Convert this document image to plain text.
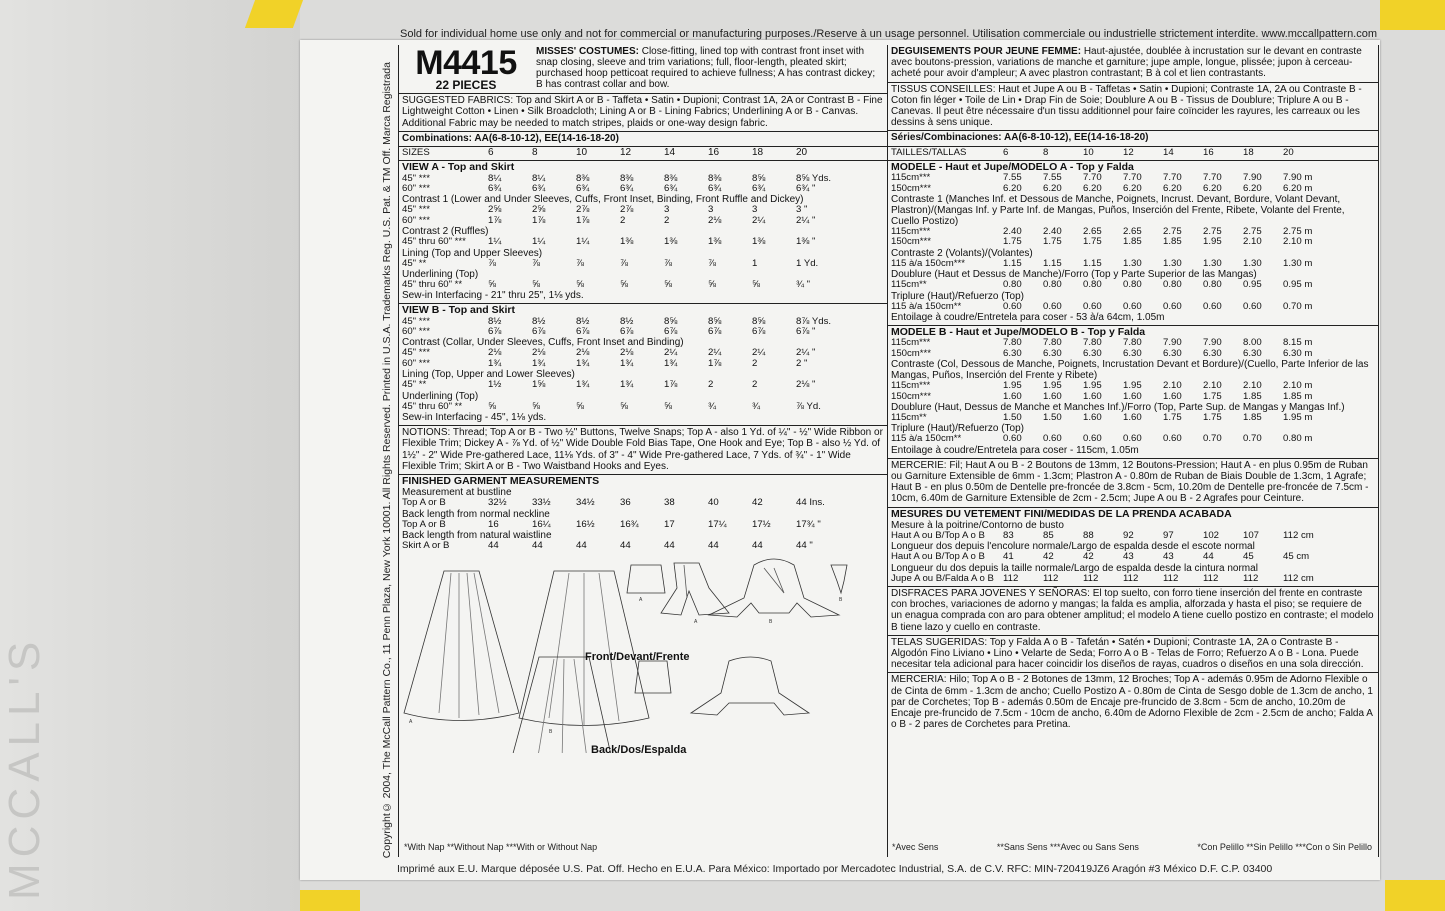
MCCALL'S
Sold for individual home use only and not for commercial or manufacturing purposes./Reserve à un usage personnel. Utilisation commerciale ou industrielle strictement interdite. www.mccallpattern.com
Copyright© 2004, The McCall Pattern Co., 11 Penn Plaza, New York 10001. All Rights Reserved. Printed in U.S.A. Trademarks Reg. U.S. Pat. & TM Off. Marca Registrada M4415
22 PIECES
MISSES' COSTUMES: Close-fitting, lined top with contrast front inset with snap closing, sleeve and trim variations; full, floor-length, pleated skirt; purchased hoop petticoat required to achieve fullness; A has contrast dickey; B has contrast collar and bow.
SUGGESTED FABRICS: Top and Skirt A or B - Taffeta • Satin • Dupioni; Contrast 1A, 2A or Contrast B - Fine Lightweight Cotton • Linen • Silk Broadcloth; Lining A or B - Lining Fabrics; Underlining A or B - Canvas. Additional Fabric may be needed to match stripes, plaids or one-way design fabric.
Combinations: AA(6-8-10-12), EE(14-16-18-20)
SIZES	6	8	10	12	14	16	18	20
VIEW A - Top and Skirt
45" ***	8¼	8¼	8⅜	8⅜	8⅜	8⅜	8⅝	8⅝ Yds.
60" ***	6¾	6¾	6¾	6¾	6¾	6¾	6¾	6¾ "
Contrast 1 (Lower and Under Sleeves, Cuffs, Front Inset, Binding, Front Ruffle and Dickey)
45" ***	2⅝	2⅝	2⅞	2⅞	3	3	3	3 "
60" ***	1⅞	1⅞	1⅞	2	2	2⅛	2¼	2¼ "
Contrast 2 (Ruffles)
45" thru 60" ***	1¼	1¼	1¼	1⅜	1⅜	1⅜	1⅜	1⅜ "
Lining (Top and Upper Sleeves)
45" **	⅞	⅞	⅞	⅞	⅞	⅞	1	1 Yd.
Underlining (Top)
45" thru 60" **	⅝	⅝	⅝	⅝	⅝	⅝	⅝	¾ "
Sew-in Interfacing - 21" thru 25", 1⅛ yds.
VIEW B - Top and Skirt
45" ***	8½	8½	8½	8½	8⅝	8⅝	8⅝	8⅞ Yds.
60" ***	6⅞	6⅞	6⅞	6⅞	6⅞	6⅞	6⅞	6⅞ "
Contrast (Collar, Under Sleeves, Cuffs, Front Inset and Binding)
45" ***	2⅛	2⅛	2⅛	2⅛	2¼	2¼	2¼	2¼ "
60" ***	1¾	1¾	1¾	1¾	1¾	1⅞	2	2 "
Lining (Top, Upper and Lower Sleeves)
45" **	1½	1⅝	1¾	1¾	1⅞	2	2	2⅛ "
Underlining (Top)
45" thru 60" **	⅝	⅝	⅝	⅝	⅝	¾	¾	⅞ Yd.
Sew-in Interfacing - 45", 1⅛ yds.
NOTIONS: Thread; Top A or B - Two ½" Buttons, Twelve Snaps; Top A - also 1 Yd. of ¼" - ½" Wide Ribbon or Flexible Trim; Dickey A - ⅞ Yd. of ½" Wide Double Fold Bias Tape, One Hook and Eye; Top B - also ½ Yd. of 1½" - 2" Wide Pre-gathered Lace, 11⅛ Yds. of 3" - 4" Wide Pre-gathered Lace, 7 Yds. of ¾" - 1" Wide Flexible Trim; Skirt A or B - Two Waistband Hooks and Eyes.
FINISHED GARMENT MEASUREMENTS
Measurement at bustline
Top A or B	32½	33½	34½	36	38	40	42	44 Ins.
Back length from normal neckline
Top A or B	16	16¼	16½	16¾	17	17¼	17½	17¾ "
Back length from natural waistline
Skirt A or B	44	44	44	44	44	44	44	44 "
A
B
A
A	B
B
Front/Devant/Frente
Back/Dos/Espalda
DEGUISEMENTS POUR JEUNE FEMME: Haut-ajustée, doublée à incrustation sur le devant en contraste avec boutons-pression, variations de manche et garniture; jupe ample, longue, plissée; jupon à cerceau-acheté pour avoir d'ampleur; A avec plastron contrastant; B à col et lien contrastants.
TISSUS CONSEILLES: Haut et Jupe A ou B - Taffetas • Satin • Dupioni; Contraste 1A, 2A ou Contraste B - Coton fin léger • Toile de Lin • Drap Fin de Soie; Doublure A ou B - Tissus de Doublure; Triplure A ou B - Canevas. Il peut être nécessaire d'un tissu additionnel pour faire coïncider les rayures, les carreaux ou les dessins à sens unique.
Séries/Combinaciones: AA(6-8-10-12), EE(14-16-18-20)
TAILLES/TALLAS	6	8	10	12	14	16	18	20
MODELE - Haut et Jupe/MODELO A - Top y Falda
115cm***	7.55	7.55	7.70	7.70	7.70	7.70	7.90	7.90 m
150cm***	6.20	6.20	6.20	6.20	6.20	6.20	6.20	6.20 m
Contraste 1 (Manches Inf. et Dessous de Manche, Poignets, Incrust. Devant, Bordure, Volant Devant, Plastron)/(Mangas Inf. y Parte Inf. de Mangas, Puños, Inserción del Frente, Ribete, Volante del Frente, Cuello Postizo)
115cm***	2.40	2.40	2.65	2.65	2.75	2.75	2.75	2.75 m
150cm***	1.75	1.75	1.75	1.85	1.85	1.95	2.10	2.10 m
Contraste 2 (Volants)/(Volantes)
115 à/a 150cm***	1.15	1.15	1.15	1.30	1.30	1.30	1.30	1.30 m
Doublure (Haut et Dessus de Manche)/Forro (Top y Parte Superior de las Mangas)
115cm**	0.80	0.80	0.80	0.80	0.80	0.80	0.95	0.95 m
Triplure (Haut)/Refuerzo (Top)
115 à/a 150cm**	0.60	0.60	0.60	0.60	0.60	0.60	0.60	0.70 m
Entoilage à coudre/Entretela para coser - 53 à/a 64cm, 1.05m
MODELE B - Haut et Jupe/MODELO B - Top y Falda
115cm***	7.80	7.80	7.80	7.80	7.90	7.90	8.00	8.15 m
150cm***	6.30	6.30	6.30	6.30	6.30	6.30	6.30	6.30 m
Contraste (Col, Dessous de Manche, Poignets, Incrustation Devant et Bordure)/(Cuello, Parte Inferior de las Mangas, Puños, Inserción del Frente y Ribete)
115cm***	1.95	1.95	1.95	1.95	2.10	2.10	2.10	2.10 m
150cm***	1.60	1.60	1.60	1.60	1.60	1.75	1.85	1.85 m
Doublure (Haut, Dessus de Manche et Manches Inf.)/Forro (Top, Parte Sup. de Mangas y Mangas Inf.)
115cm**	1.50	1.50	1.60	1.60	1.75	1.75	1.85	1.95 m
Triplure (Haut)/Refuerzo (Top)
115 à/a 150cm**	0.60	0.60	0.60	0.60	0.60	0.70	0.70	0.80 m
Entoilage à coudre/Entretela para coser - 115cm, 1.05m
MERCERIE: Fil; Haut A ou B - 2 Boutons de 13mm, 12 Boutons-Pression; Haut A - en plus 0.95m de Ruban ou Garniture Extensible de 6mm - 1.3cm; Plastron A - 0.80m de Ruban de Biais Double de 1.3cm, 1 Agrafe; Haut B - en plus 0.50m de Dentelle pre-froncée de 3.8cm - 5cm, 10.20m de Dentelle pre-froncée de 7.5cm - 10cm, 6.40m de Garniture Extensible de 2cm - 2.5cm; Jupe A ou B - 2 Agrafes pour Ceinture.
MESURES DU VETEMENT FINI/MEDIDAS DE LA PRENDA ACABADA
Mesure à la poitrine/Contorno de busto
Haut A ou B/Top A o B	83	85	88	92	97	102	107	112 cm
Longueur dos depuis l'encolure normale/Largo de espalda desde el escote normal
Haut A ou B/Top A o B	41	42	42	43	43	44	45	45 cm
Longueur du dos depuis la taille normale/Largo de espalda desde la cintura normal
Jupe A ou B/Falda A o B 112	112	112	112	112	112	112	112 cm
DISFRACES PARA JOVENES Y SEÑORAS: El top suelto, con forro tiene inserción del frente en contraste con broches, variaciones de adorno y mangas; la falda es amplia, alforzada y hasta el piso; se requiere de un enagua comprada con aro para obtener amplitud; el modelo A tiene cuello postizo en contraste; el modelo B tiene lazo y cuello en contraste.
TELAS SUGERIDAS: Top y Falda A o B - Tafetán • Satén • Dupioni; Contraste 1A, 2A o Contraste B - Algodón Fino Liviano • Lino • Velarte de Seda; Forro A o B - Telas de Forro; Refuerzo A o B - Lona. Puede necesitar tela adicional para hacer coincidir los diseños de rayas, cuadros o diseños en una sola dirección.
MERCERIA: Hilo; Top A o B - 2 Botones de 13mm, 12 Broches; Top A - además 0.95m de Adorno Flexible o de Cinta de 6mm - 1.3cm de ancho; Cuello Postizo A - 0.80m de Cinta de Sesgo doble de 1.3cm de ancho, 1 par de Corchetes; Top B - además 0.50m de Encaje pre-fruncido de 3.8cm - 5cm de ancho, 10.20m de Encaje pre-fruncido de 7.5cm - 10cm de ancho, 6.40m de Adorno Flexible de 2cm - 2.5cm de ancho; Falda A o B - 2 pares de Corchetes para Pretina.
*With Nap **Without Nap ***With or Without Nap	*Avec Sens	**Sans Sens ***Avec ou Sans Sens	*Con Pelillo **Sin Pelillo ***Con o Sin Pelillo
Imprimé aux E.U. Marque déposée U.S. Pat. Off. Hecho en E.U.A. Para México: Importado por Mercadotec Industrial, S.A. de C.V. RFC: MIN-720419JZ6 Aragón #3 México D.F. C.P. 03400
